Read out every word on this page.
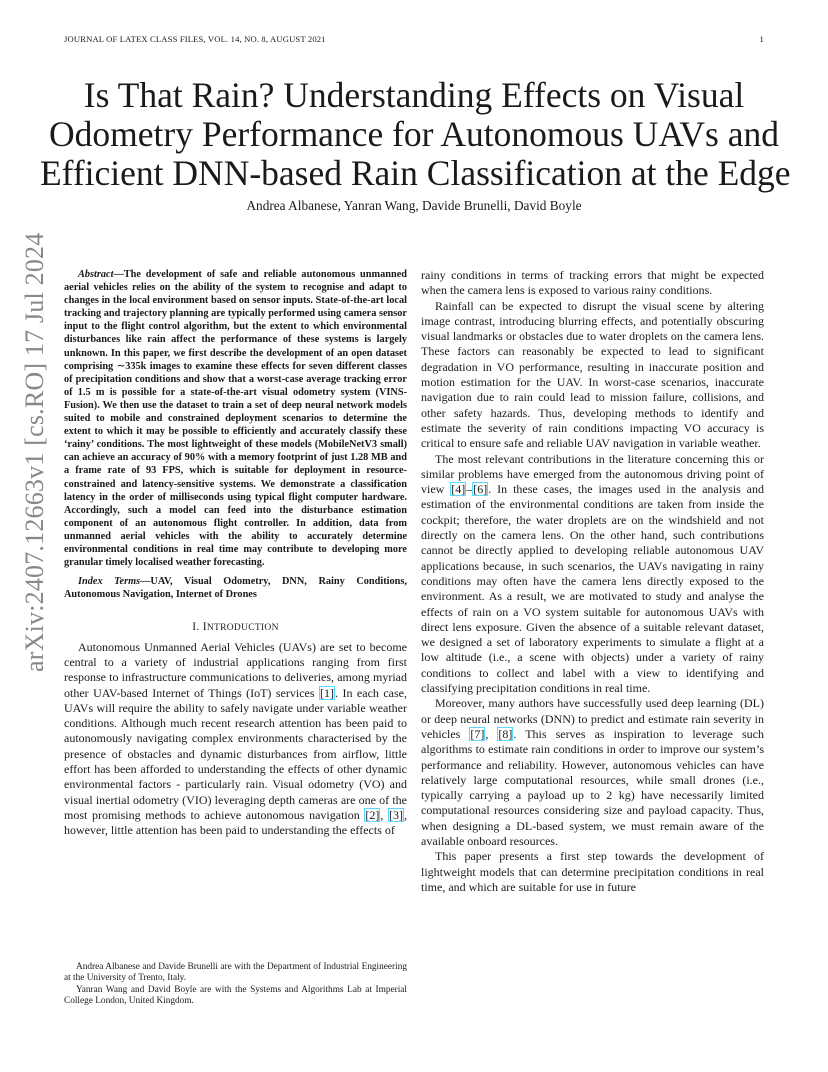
JOURNAL OF LATEX CLASS FILES, VOL. 14, NO. 8, AUGUST 2021	1
Is That Rain? Understanding Effects on Visual
Odometry Performance for Autonomous UAVs and
Efficient DNN-based Rain Classification at the Edge
Andrea Albanese, Yanran Wang, Davide Brunelli, David Boyle
arXiv:2407.12663v1 [cs.RO] 17 Jul 2024	Abstract—The development of safe and reliable autonomous unmanned aerial vehicles relies on the ability of the system to recognise and adapt to changes in the local environment based on sensor inputs. State-of-the-art local tracking and trajectory planning are typically performed using camera sensor input to the flight control algorithm, but the extent to which environmental disturbances like rain affect the performance of these systems is largely unknown. In this paper, we first describe the development of an open dataset comprising ∼335k images to examine these effects for seven different classes of precipitation conditions and show that a worst-case average tracking error of 1.5 m is possible for a state-of-the-art visual odometry system (VINS-Fusion). We then use the dataset to train a set of deep neural network models suited to mobile and constrained deployment scenarios to determine the extent to which it may be possible to efficiently and accurately classify these ‘rainy’ conditions. The most lightweight of these models (MobileNetV3 small) can achieve an accuracy of 90% with a memory footprint of just 1.28 MB and a frame rate of 93 FPS, which is suitable for deployment in resource-constrained and latency-sensitive systems. We demonstrate a classification latency in the order of milliseconds using typical flight computer hardware. Accordingly, such a model can feed into the disturbance estimation component of an autonomous flight controller. In addition, data from unmanned aerial vehicles with the ability to accurately determine environmental conditions in real time may contribute to developing more granular timely localised weather forecasting.

Index Terms—UAV, Visual Odometry, DNN, Rainy Conditions, Autonomous Navigation, Internet of Drones

I. INTRODUCTION

Autonomous Unmanned Aerial Vehicles (UAVs) are set to become central to a variety of industrial applications ranging from first response to infrastructure communications to deliveries, among myriad other UAV-based Internet of Things (IoT) services [1]. In each case, UAVs will require the ability to safely navigate under variable weather conditions. Although much recent research attention has been paid to autonomously navigating complex environments characterised by the presence of obstacles and dynamic disturbances from airflow, little effort has been afforded to understanding the effects of other dynamic environmental factors - particularly rain. Visual odometry (VO) and visual inertial odometry (VIO) leveraging depth cameras are one of the most promising methods to achieve autonomous navigation [2], [3], however, little attention has been paid to understanding the effects of

Andrea Albanese and Davide Brunelli are with the Department of Industrial Engineering at the University of Trento, Italy.

Yanran Wang and David Boyle are with the Systems and Algorithms Lab at Imperial College London, United Kingdom.

rainy conditions in terms of tracking errors that might be expected when the camera lens is exposed to various rainy conditions.

Rainfall can be expected to disrupt the visual scene by altering image contrast, introducing blurring effects, and potentially obscuring visual landmarks or obstacles due to water droplets on the camera lens. These factors can reasonably be expected to lead to significant degradation in VO performance, resulting in inaccurate position and motion estimation for the UAV. In worst-case scenarios, inaccurate navigation due to rain could lead to mission failure, collisions, and other safety hazards. Thus, developing methods to identify and estimate the severity of rain conditions impacting VO accuracy is critical to ensure safe and reliable UAV navigation in variable weather.

The most relevant contributions in the literature concerning this or similar problems have emerged from the autonomous driving point of view [4]–[6]. In these cases, the images used in the analysis and estimation of the environmental conditions are taken from inside the cockpit; therefore, the water droplets are on the windshield and not directly on the camera lens. On the other hand, such contributions cannot be directly applied to developing reliable autonomous UAV applications because, in such scenarios, the UAVs navigating in rainy conditions may often have the camera lens directly exposed to the environment. As a result, we are motivated to study and analyse the effects of rain on a VO system suitable for autonomous UAVs with direct lens exposure. Given the absence of a suitable relevant dataset, we designed a set of laboratory experiments to simulate a flight at a low altitude (i.e., a scene with objects) under a variety of rainy conditions to collect and label with a view to identifying and classifying precipitation conditions in real time.

Moreover, many authors have successfully used deep learning (DL) or deep neural networks (DNN) to predict and estimate rain severity in vehicles [7], [8]. This serves as inspiration to leverage such algorithms to estimate rain conditions in order to improve our system’s performance and reliability. However, autonomous vehicles can have relatively large computational resources, while small drones (i.e., typically carrying a payload up to 2 kg) have necessarily limited computational resources considering size and payload capacity. Thus, when designing a DL-based system, we must remain aware of the available onboard resources.

This paper presents a first step towards the development of lightweight models that can determine precipitation conditions in real time, and which are suitable for use in future
